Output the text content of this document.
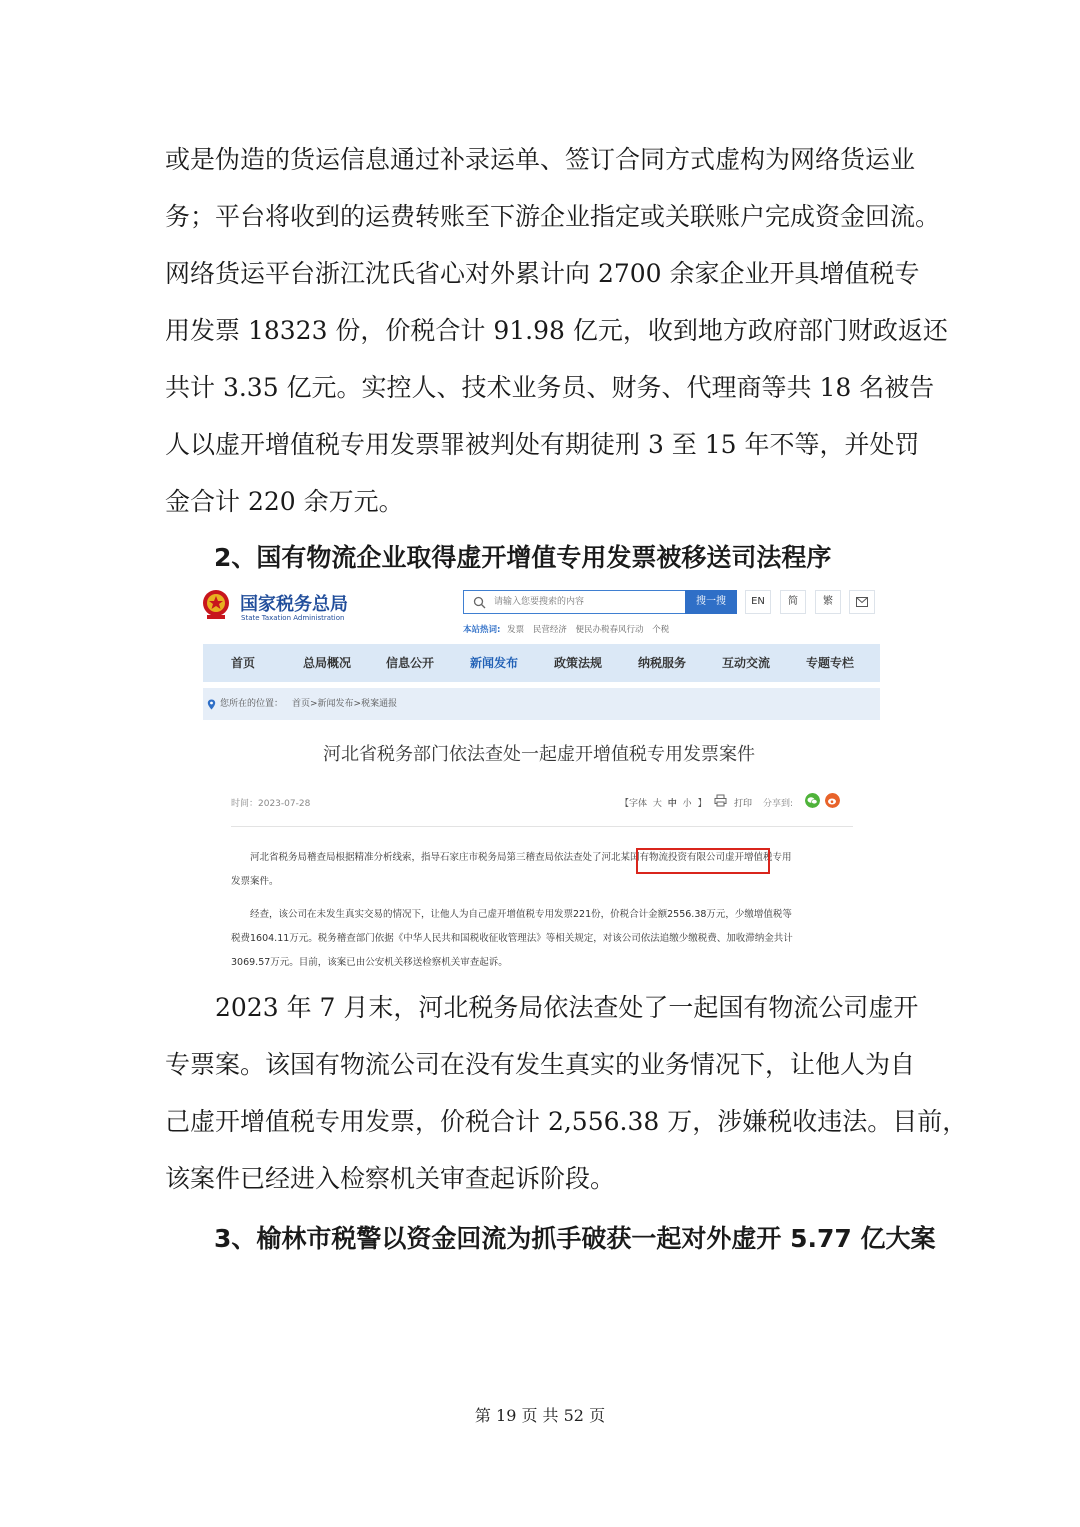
或是伪造的货运信息通过补录运单、签订合同方式虚构为网络货运业
务；平台将收到的运费转账至下游企业指定或关联账户完成资金回流。
网络货运平台浙江沈氏省心对外累计向 2700 余家企业开具增值税专
用发票 18323 份，价税合计 91.98 亿元，收到地方政府部门财政返还
共计 3.35 亿元。实控人、技术业务员、财务、代理商等共 18 名被告
人以虚开增值税专用发票罪被判处有期徒刑 3 至 15 年不等，并处罚
金合计 220 余万元。
2、国有物流企业取得虚开增值专用发票被移送司法程序
国家税务总局
State Taxation Administration
请输入您要搜索的内容
搜一搜	EN	简	繁
本站热词: 发票 民营经济 便民办税春风行动 个税
首页	总局概况	信息公开	新闻发布	政策法规	纳税服务	互动交流	专题专栏
您所在的位置： 首页>新闻发布>税案通报
河北省税务部门依法查处一起虚开增值税专用发票案件
时间：2023-07-28	【字体 大 中 小 】	打印 分享到:
　　河北省税务局稽查局根据精准分析线索，指导石家庄市税务局第三稽查局依法查处了河北某国有物流投资有限公司虚开增值税专用
发票案件。
　　经查，该公司在未发生真实交易的情况下，让他人为自己虚开增值税专用发票221份，价税合计金额2556.38万元，少缴增值税等
税费1604.11万元。税务稽查部门依据《中华人民共和国税收征收管理法》等相关规定，对该公司依法追缴少缴税费、加收滞纳金共计
3069.57万元。目前，该案已由公安机关移送检察机关审查起诉。
2023 年 7 月末，河北税务局依法查处了一起国有物流公司虚开
专票案。该国有物流公司在没有发生真实的业务情况下，让他人为自
己虚开增值税专用发票，价税合计 2,556.38 万，涉嫌税收违法。目前，
该案件已经进入检察机关审查起诉阶段。
3、榆林市税警以资金回流为抓手破获一起对外虚开 5.77 亿大案
第 19 页 共 52 页
